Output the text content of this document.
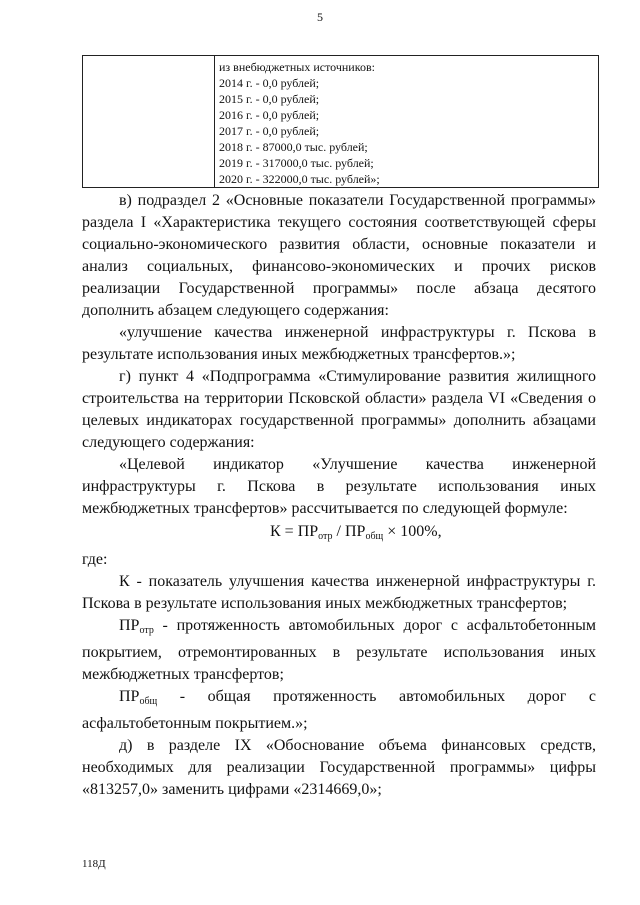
5
из внебюджетных источников:
2014 г. - 0,0 рублей;
2015 г. - 0,0 рублей;
2016 г. - 0,0 рублей;
2017 г. - 0,0 рублей;
2018 г. - 87000,0 тыс. рублей;
2019 г. - 317000,0 тыс. рублей;
2020 г. - 322000,0 тыс. рублей»;

в) подраздел 2 «Основные показатели Государственной программы» раздела I «Характеристика текущего состояния соответствующей сферы социально-экономического развития области, основные показатели и анализ социальных, финансово-экономических и прочих рисков реализации Государственной программы» после абзаца десятого дополнить абзацем следующего содержания:

«улучшение качества инженерной инфраструктуры г. Пскова в результате использования иных межбюджетных трансфертов.»;

г) пункт 4 «Подпрограмма «Стимулирование развития жилищного строительства на территории Псковской области» раздела VI «Сведения о целевых индикаторах государственной программы» дополнить абзацами следующего содержания:

«Целевой индикатор «Улучшение качества инженерной инфраструктуры г. Пскова в результате использования иных межбюджетных трансфертов» рассчитывается по следующей формуле:

$К = ПР_{отр} / ПР_{общ} \times 100\%$,

где:

К - показатель улучшения качества инженерной инфраструктуры г. Пскова в результате использования иных межбюджетных трансфертов;

$ПР_{отр}$ - протяженность автомобильных дорог с асфальтобетонным покрытием, отремонтированных в результате использования иных межбюджетных трансфертов;

$ПР_{общ}$ - общая протяженность автомобильных дорог с асфальтобетонным покрытием.»;

д) в разделе IX «Обоснование объема финансовых средств, необходимых для реализации Государственной программы» цифры «813257,0» заменить цифрами «2314669,0»;

118Д
